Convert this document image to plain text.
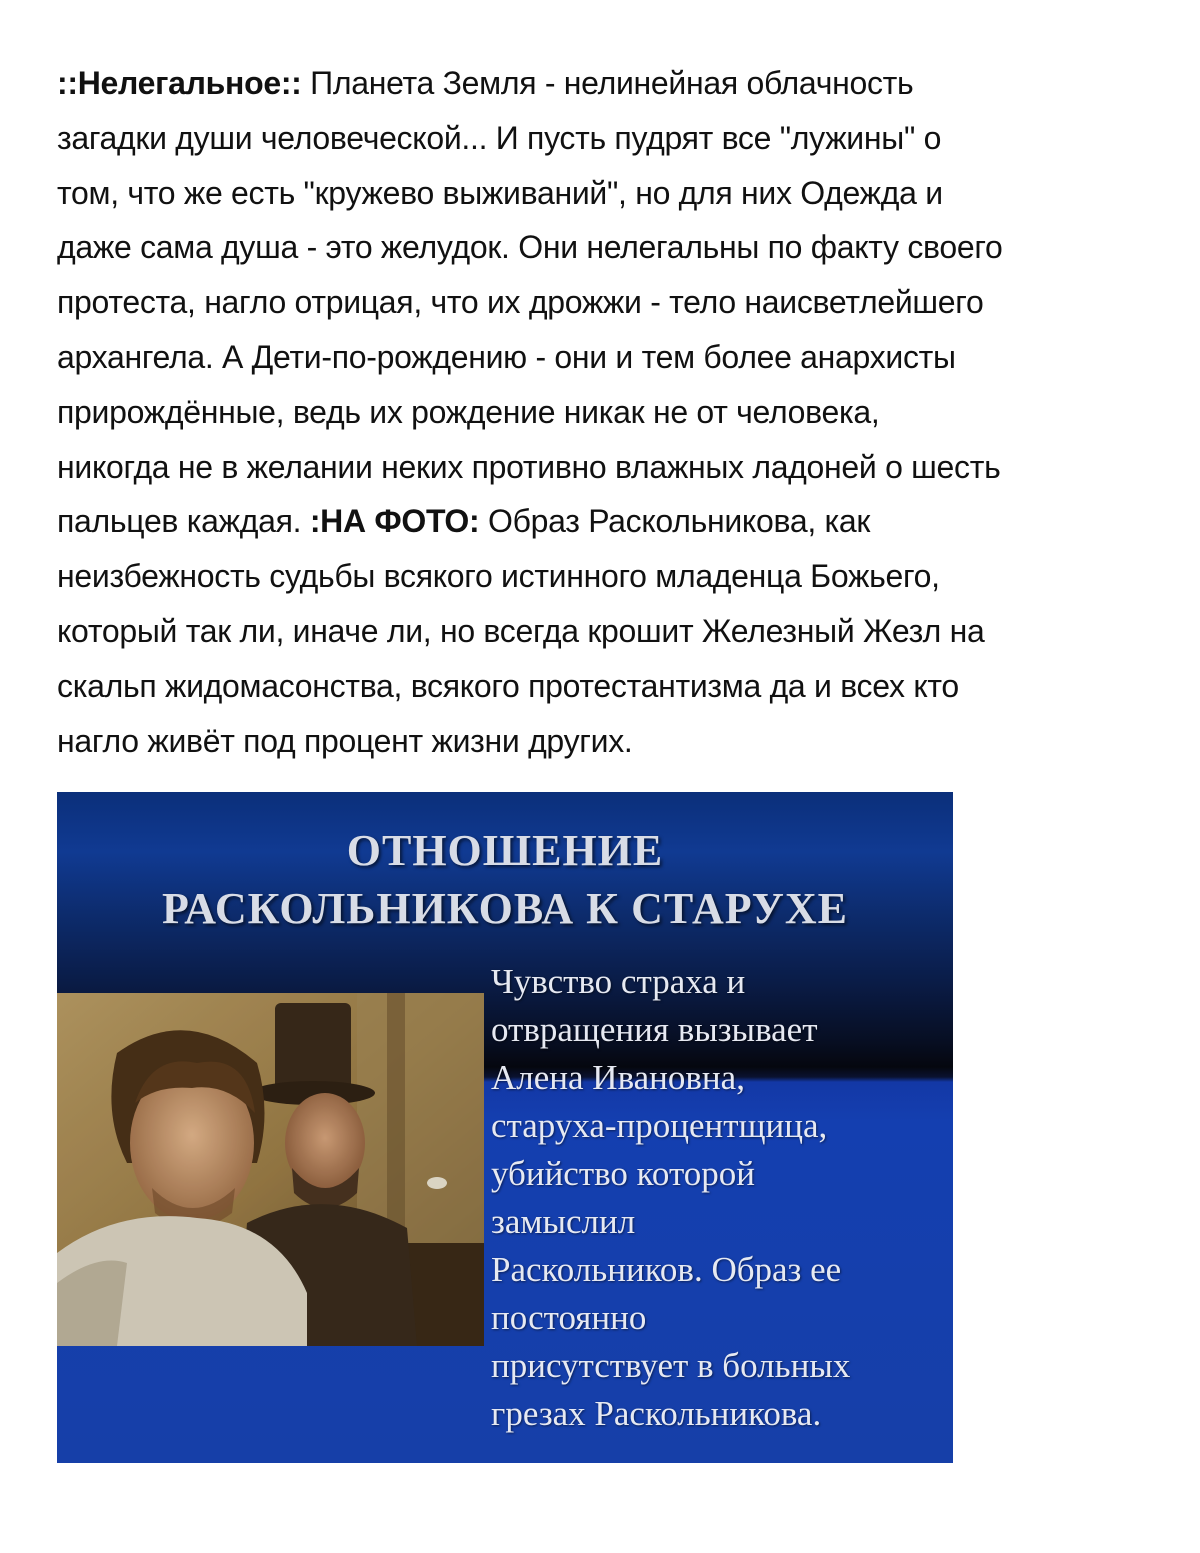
::Нелегальное:: Планета Земля - нелинейная облачность
загадки души человеческой... И пусть пудрят все "лужины" о
том, что же есть "кружево выживаний", но для них Одежда и
даже сама душа - это желудок. Они нелегальны по факту своего
протеста, нагло отрицая, что их дрожжи - тело наисветлейшего
архангела. А Дети-по-рождению - они и тем более анархисты
прирождённые, ведь их рождение никак не от человека,
никогда не в желании неких противно влажных ладоней о шесть
пальцев каждая. :НА ФОТО: Образ Раскольникова, как
неизбежность судьбы всякого истинного младенца Божьего,
который так ли, иначе ли, но всегда крошит Железный Жезл на
скальп жидомасонства, всякого протестантизма да и всех кто
нагло живёт под процент жизни других.
ОТНОШЕНИЕ
РАСКОЛЬНИКОВА К СТАРУХЕ
Чувство страха и
отвращения вызывает
Алена Ивановна,
старуха-процентщица,
убийство которой
замыслил
Раскольников. Образ ее
постоянно
присутствует в больных
грезах Раскольникова.
